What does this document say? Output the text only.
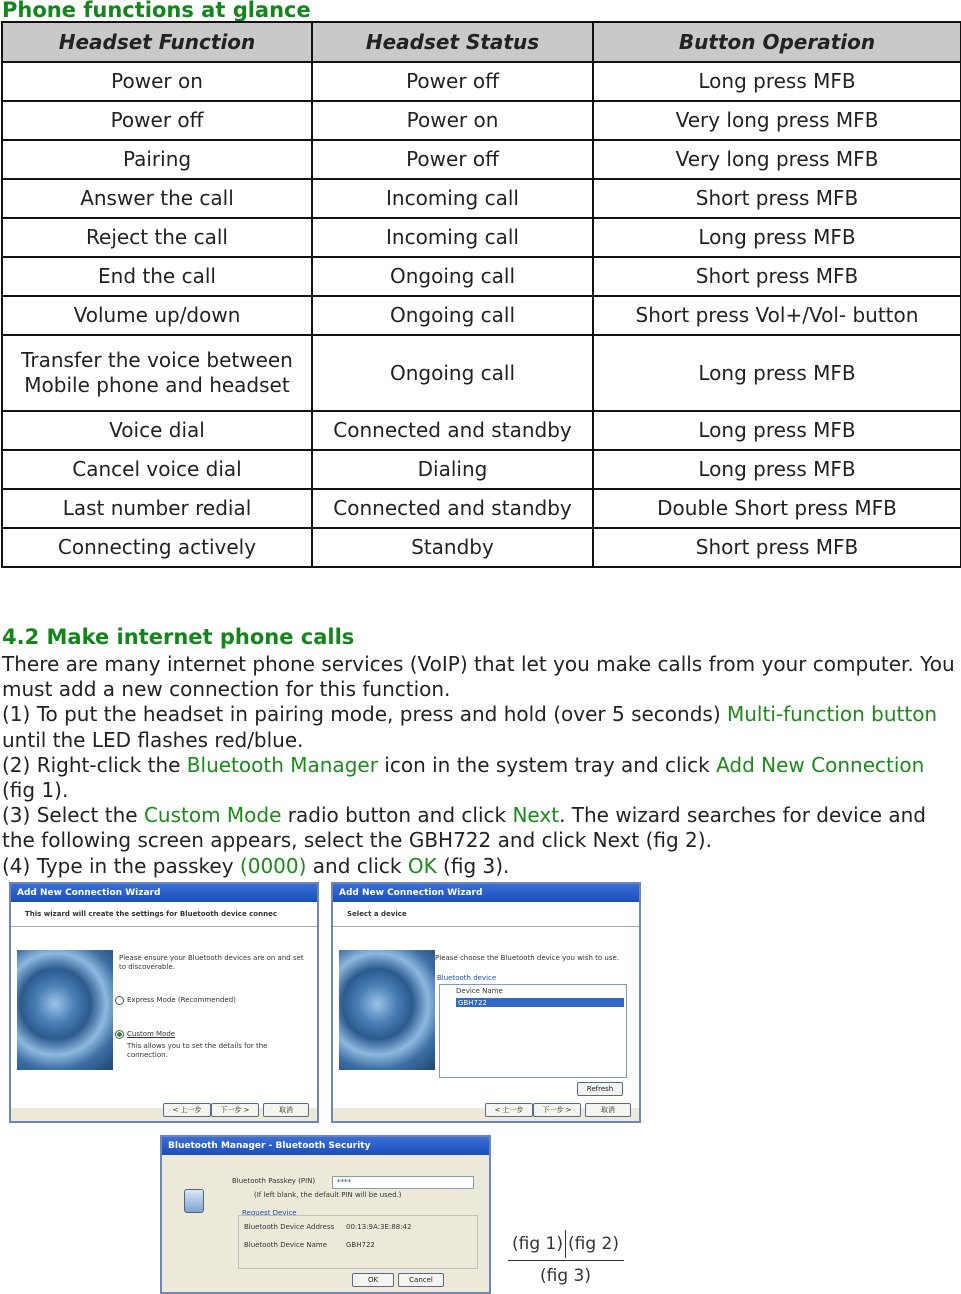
Phone functions at glance
Headset Function	Headset Status	Button Operation
Power on	Power off	Long press MFB
Power off	Power on	Very long press MFB
Pairing	Power off	Very long press MFB
Answer the call	Incoming call	Short press MFB
Reject the call	Incoming call	Long press MFB
End the call	Ongoing call	Short press MFB
Volume up/down	Ongoing call	Short press Vol+/Vol- button
Transfer the voice between Mobile phone and headset	Ongoing call	Long press MFB
Voice dial	Connected and standby	Long press MFB
Cancel voice dial	Dialing	Long press MFB
Last number redial	Connected and standby	Double Short press MFB
Connecting actively	Standby	Short press MFB
4.2 Make internet phone calls

There are many internet phone services (VoIP) that let you make calls from your computer. You must add a new connection for this function.

(1) To put the headset in pairing mode, press and hold (over 5 seconds) Multi-function button until the LED flashes red/blue.

(2) Right-click the Bluetooth Manager icon in the system tray and click Add New Connection (fig 1).

(3) Select the Custom Mode radio button and click Next. The wizard searches for device and the following screen appears, select the GBH722 and click Next (fig 2).

(4) Type in the passkey (0000) and click OK (fig 3).

Add New Connection Wizard
This wizard will create the settings for Bluetooth device connec
Please ensure your Bluetooth devices are on and set to discoverable.
Express Mode (Recommended)
Custom Mode
This allows you to set the details for the connection.
< 上一步	下一步 >	取消
Add New Connection Wizard
Select a device
Please choose the Bluetooth device you wish to use.
Bluetooth device
Device Name
GBH722
Refresh
< 上一步	下一步 >	取消
Bluetooth Manager - Bluetooth Security
Bluetooth Passkey (PIN)	****
(If left blank, the default PIN will be used.)
Request Device
Bluetooth Device Address 00:13:9A:3E:88:42
Bluetooth Device Name	GBH722
OK	Cancel
(fig 1) (fig 2)
(fig 3)
